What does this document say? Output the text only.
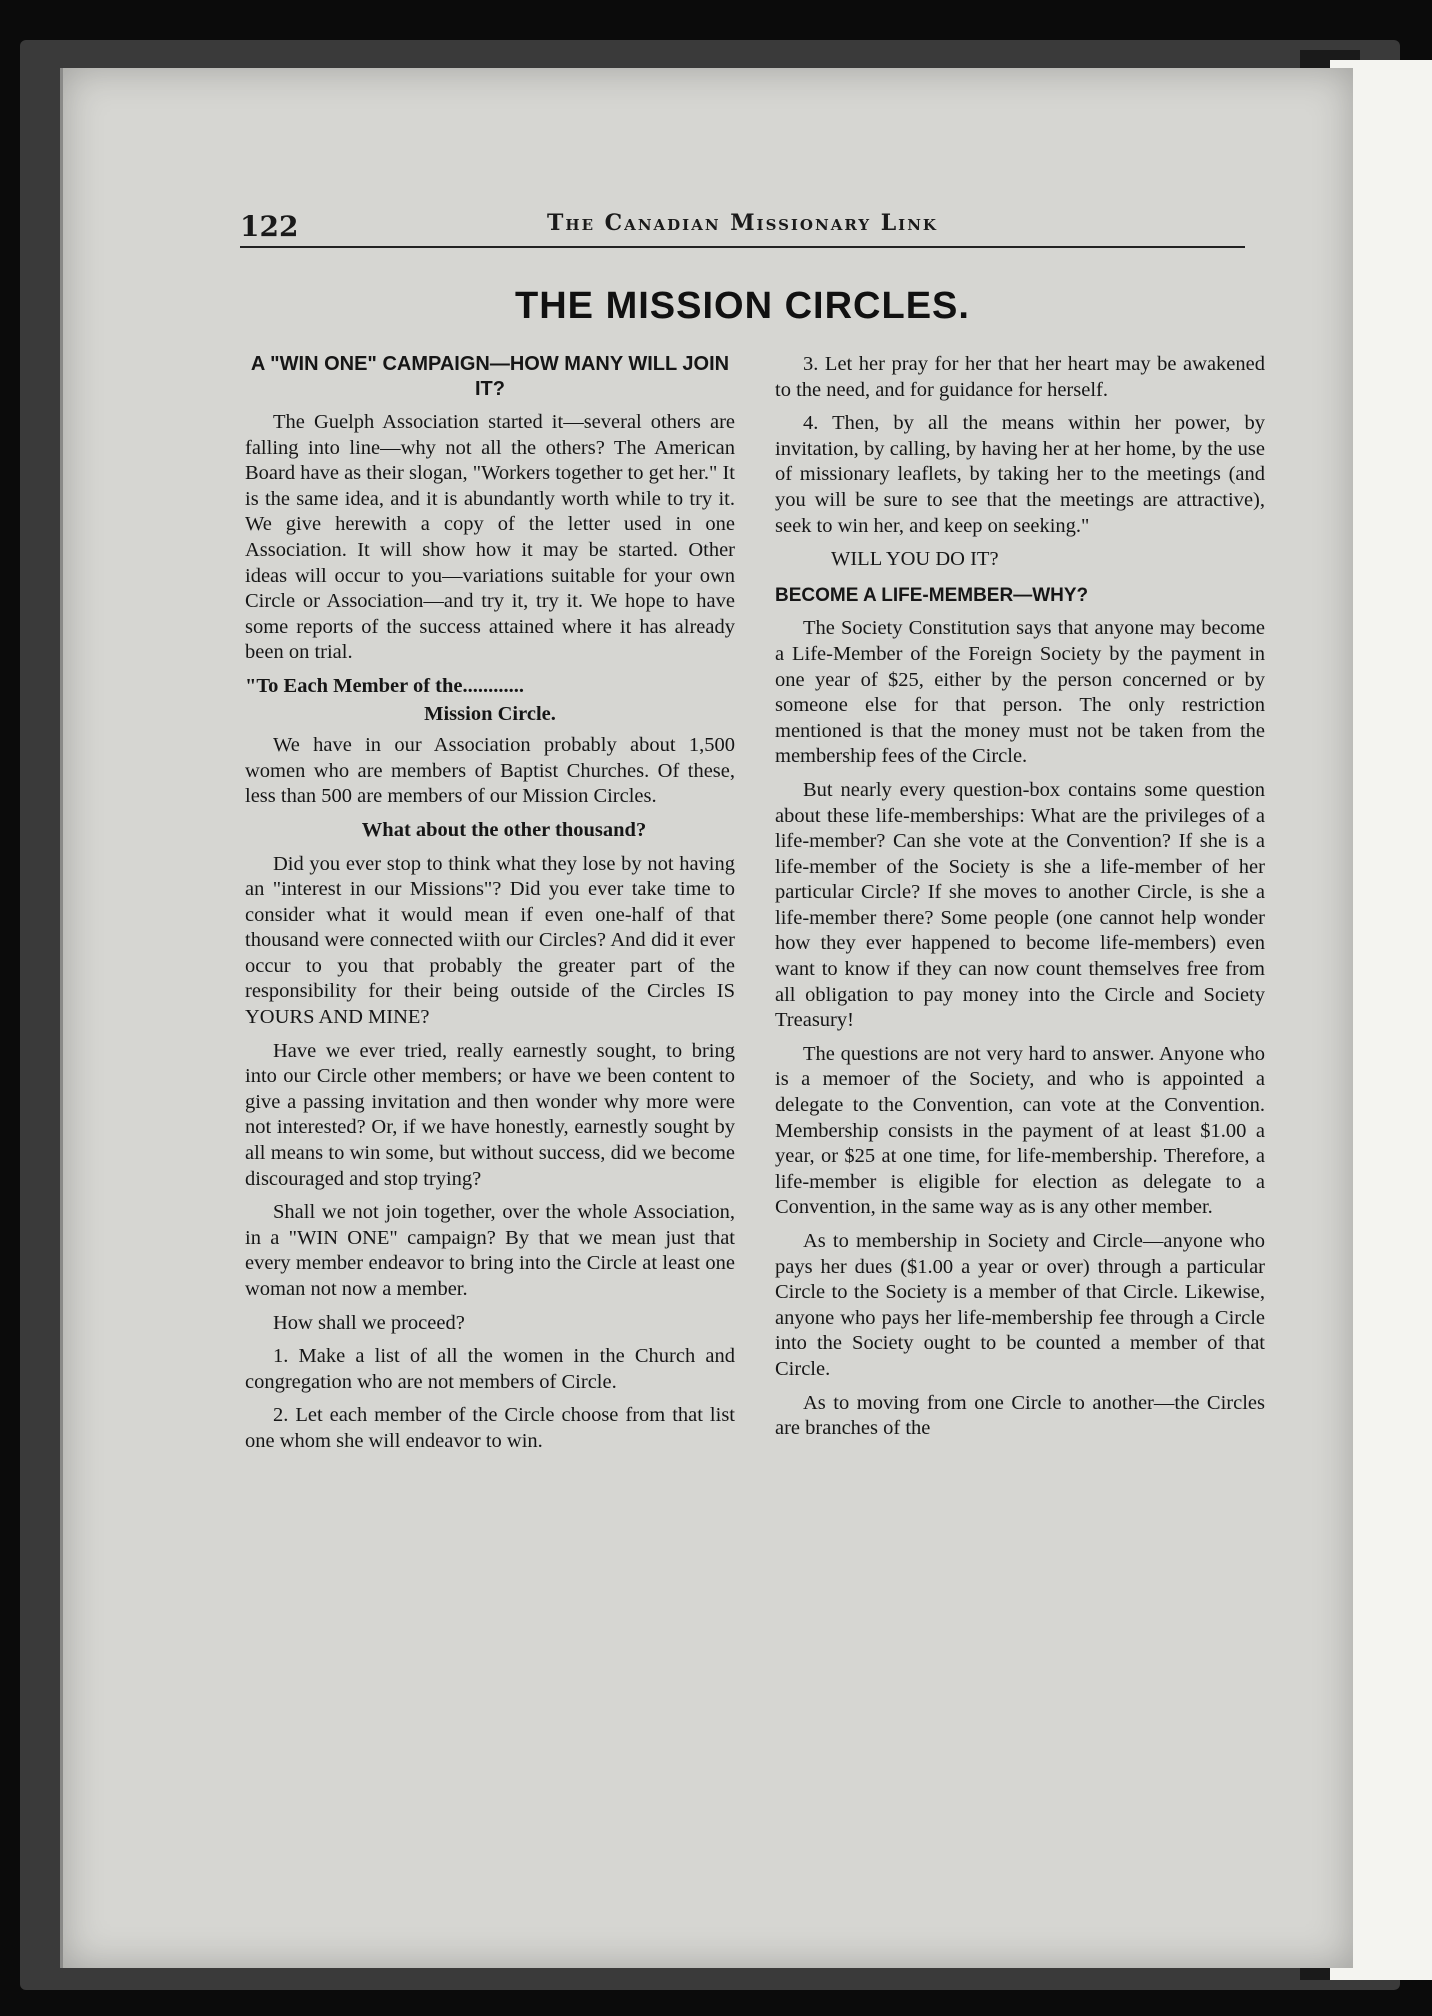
122	The Canadian Missionary Link
THE MISSION CIRCLES.
A "WIN ONE" CAMPAIGN—HOW MANY WILL JOIN IT?

The Guelph Association started it—several others are falling into line—why not all the others? The American Board have as their slogan, "Workers together to get her." It is the same idea, and it is abundantly worth while to try it. We give herewith a copy of the letter used in one Association. It will show how it may be started. Other ideas will occur to you—variations suitable for your own Circle or Association—and try it, try it. We hope to have some reports of the success attained where it has already been on trial.

"To Each Member of the............
Mission Circle.

We have in our Association probably about 1,500 women who are members of Baptist Churches. Of these, less than 500 are members of our Mission Circles.

What about the other thousand?

Did you ever stop to think what they lose by not having an "interest in our Missions"? Did you ever take time to consider what it would mean if even one-half of that thousand were connected wiith our Circles? And did it ever occur to you that probably the greater part of the responsibility for their being outside of the Circles IS YOURS AND MINE?

Have we ever tried, really earnestly sought, to bring into our Circle other members; or have we been content to give a passing invitation and then wonder why more were not interested? Or, if we have honestly, earnestly sought by all means to win some, but without success, did we become discouraged and stop trying?

Shall we not join together, over the whole Association, in a "WIN ONE" campaign? By that we mean just that every member endeavor to bring into the Circle at least one woman not now a member.

How shall we proceed?

1. Make a list of all the women in the Church and congregation who are not members of Circle.

2. Let each member of the Circle choose from that list one whom she will endeavor to win.

3. Let her pray for her that her heart may be awakened to the need, and for guidance for herself.

4. Then, by all the means within her power, by invitation, by calling, by having her at her home, by the use of missionary leaflets, by taking her to the meetings (and you will be sure to see that the meetings are attractive), seek to win her, and keep on seeking."

WILL YOU DO IT?

BECOME A LIFE-MEMBER—WHY?

The Society Constitution says that anyone may become a Life-Member of the Foreign Society by the payment in one year of $25, either by the person concerned or by someone else for that person. The only restriction mentioned is that the money must not be taken from the membership fees of the Circle.

But nearly every question-box contains some question about these life-memberships: What are the privileges of a life-member? Can she vote at the Convention? If she is a life-member of the Society is she a life-member of her particular Circle? If she moves to another Circle, is she a life-member there? Some people (one cannot help wonder how they ever happened to become life-members) even want to know if they can now count themselves free from all obligation to pay money into the Circle and Society Treasury!

The questions are not very hard to answer. Anyone who is a memoer of the Society, and who is appointed a delegate to the Convention, can vote at the Convention. Membership consists in the payment of at least $1.00 a year, or $25 at one time, for life-membership. Therefore, a life-member is eligible for election as delegate to a Convention, in the same way as is any other member.

As to membership in Society and Circle—anyone who pays her dues ($1.00 a year or over) through a particular Circle to the Society is a member of that Circle. Likewise, anyone who pays her life-membership fee through a Circle into the Society ought to be counted a member of that Circle.

As to moving from one Circle to another—the Circles are branches of the
